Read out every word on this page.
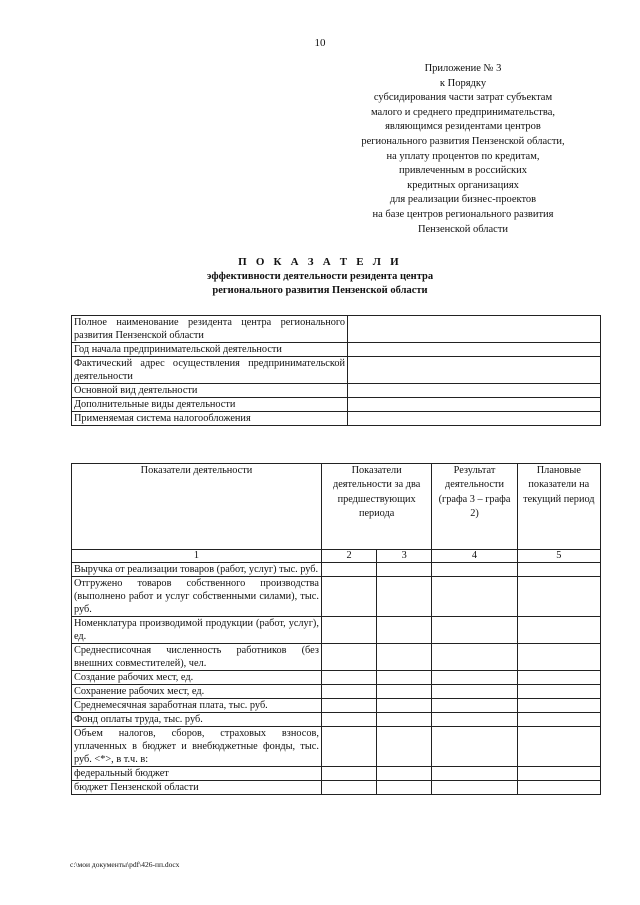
10
Приложение № 3
к Порядку
субсидирования части затрат субъектам
малого и среднего предпринимательства,
являющимся резидентами центров
регионального развития Пензенской области,
на уплату процентов по кредитам,
привлеченным в российских
кредитных организациях
для реализации бизнес-проектов
на базе центров регионального развития
Пензенской области
П О К А З А Т Е Л И
эффективности деятельности резидента центра
регионального развития Пензенской области
Полное наименование резидента центра регионального развития Пензенской области	
Год начала предпринимательской деятельности	
Фактический адрес осуществления предпринимательской деятельности	
Основной вид деятельности	
Дополнительные виды деятельности	
Применяемая система налогообложения	
Показатели деятельности	Показатели деятельности за два предшествующих периода		Результат деятельности (графа 3 – графа 2)	Плановые показатели на текущий период
1	2	3	4	5
Выручка от реализации товаров (работ, услуг) тыс. руб.				
Отгружено товаров собственного производства (выполнено работ и услуг собственными силами), тыс. руб.				
Номенклатура производимой продукции (работ, услуг), ед.				
Среднесписочная численность работников (без внешних совместителей), чел.				
Создание рабочих мест, ед.				
Сохранение рабочих мест, ед.				
Среднемесячная заработная плата, тыс. руб.				
Фонд оплаты труда, тыс. руб.				
Объем налогов, сборов, страховых взносов, уплаченных в бюджет и внебюджетные фонды, тыс. руб. <*>, в т.ч. в:				
федеральный бюджет				
бюджет Пензенской области				
c:\мои документы\pdf\426-пп.docx
